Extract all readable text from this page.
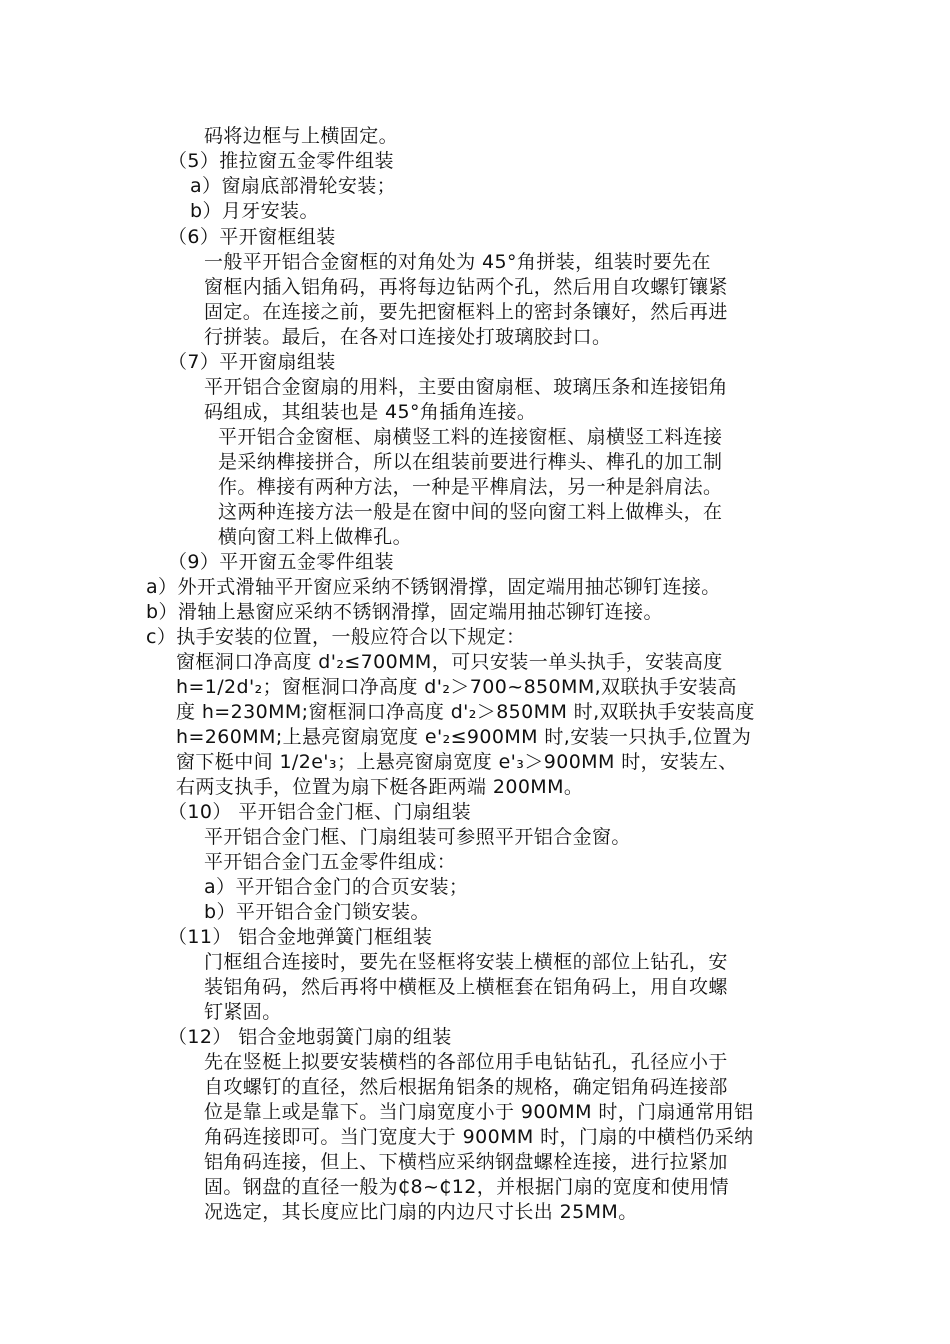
码将边框与上横固定。
（5）推拉窗五金零件组装
a）窗扇底部滑轮安装；
b）月牙安装。
（6）平开窗框组装
一般平开铝合金窗框的对角处为 45°角拼装，组装时要先在
窗框内插入铝角码，再将每边钻两个孔，然后用自攻螺钉镶紧
固定。在连接之前，要先把窗框料上的密封条镶好，然后再进
行拼装。最后，在各对口连接处打玻璃胶封口。
（7）平开窗扇组装
平开铝合金窗扇的用料，主要由窗扇框、玻璃压条和连接铝角
码组成，其组装也是 45°角插角连接。
平开铝合金窗框、扇横竖工料的连接窗框、扇横竖工料连接
是采纳榫接拼合，所以在组装前要进行榫头、榫孔的加工制
作。榫接有两种方法，一种是平榫肩法，另一种是斜肩法。
这两种连接方法一般是在窗中间的竖向窗工料上做榫头，在
横向窗工料上做榫孔。
（9）平开窗五金零件组装
a）外开式滑轴平开窗应采纳不锈钢滑撑，固定端用抽芯铆钉连接。
b）滑轴上悬窗应采纳不锈钢滑撑，固定端用抽芯铆钉连接。
c）执手安装的位置，一般应符合以下规定：
窗框洞口净高度 d'₂≤700MM，可只安装一单头执手，安装高度
h=1/2d'₂；窗框洞口净高度 d'₂＞700~850MM,双联执手安装高
度 h=230MM;窗框洞口净高度 d'₂＞850MM 时,双联执手安装高度
h=260MM;上悬亮窗扇宽度 e'₂≤900MM 时,安装一只执手,位置为
窗下梃中间 1/2e'₃；上悬亮窗扇宽度 e'₃＞900MM 时，安装左、
右两支执手，位置为扇下梃各距两端 200MM。
（10） 平开铝合金门框、门扇组装
平开铝合金门框、门扇组装可参照平开铝合金窗。
平开铝合金门五金零件组成：
a）平开铝合金门的合页安装；
b）平开铝合金门锁安装。
（11） 铝合金地弹簧门框组装
门框组合连接时，要先在竖框将安装上横框的部位上钻孔，安
装铝角码，然后再将中横框及上横框套在铝角码上，用自攻螺
钉紧固。
（12） 铝合金地弱簧门扇的组装
先在竖梃上拟要安装横档的各部位用手电钻钻孔，孔径应小于
自攻螺钉的直径，然后根据角铝条的规格，确定铝角码连接部
位是靠上或是靠下。当门扇宽度小于 900MM 时，门扇通常用铝
角码连接即可。当门宽度大于 900MM 时，门扇的中横档仍采纳
铝角码连接，但上、下横档应采纳钢盘螺栓连接，进行拉紧加
固。钢盘的直径一般为₵8~₵12，并根据门扇的宽度和使用情
况选定，其长度应比门扇的内边尺寸长出 25MM。
